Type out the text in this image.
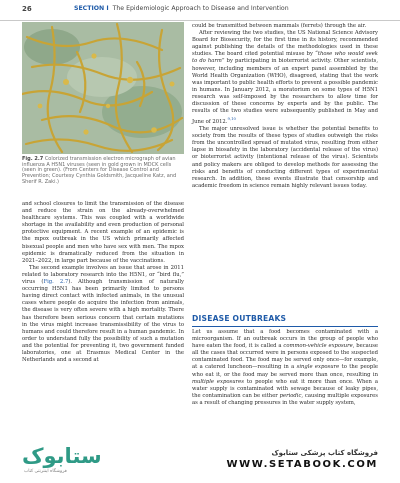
26	SECTION I The Epidemiologic Approach to Disease and Intervention
Fig. 2.7 Colorized transmission electron micrograph of avian influenza A H5N1 viruses (seen in gold grown in MDCK cells (seen in green). (From Centers for Disease Control and Prevention; Courtesy Cynthia Goldsmith, Jacqueline Katz, and Sherif R. Zaki.)

and school closures to limit the transmission of the disease and reduce the strain on the already-overwhelmed healthcare systems. This was coupled with a worldwide shortage in the availability and even production of personal protective equipment. A recent example of an epidemic is the mpox outbreak in the US which primarily affected bisexual people and men who have sex with men. The mpox epidemic is dramatically reduced from the situation in 2021–2022, in large part because of the vaccinations.

The second example involves an issue that arose in 2011 related to laboratory research into the H5N1, or “bird flu,” virus (Fig. 2.7). Although transmission of naturally occurring H5N1 has been primarily limited to persons having direct contact with infected animals, in the unusual cases where people do acquire the infection from animals, the disease is very often severe with a high mortality. There has therefore been serious concern that certain mutations in the virus might increase transmissibility of the virus to humans and could therefore result in a human pandemic. In order to understand fully the possibility of such a mutation and the potential for preventing it, two government funded laboratories, one at Erasmus Medical Center in the Netherlands and a second at

could be transmitted between mammals (ferrets) through the air.

After reviewing the two studies, the US National Science Advisory Board for Biosecurity, for the first time in its history, recommended against publishing the details of the methodologies used in these studies. The board cited potential misuse by “those who would seek to do harm” by participating in bioterrorist activity. Other scientists, however, including members of an expert panel assembled by the World Health Organization (WHO), disagreed, stating that the work was important to public health efforts to prevent a possible pandemic in humans. In January 2012, a moratorium on some types of H5N1 research was self-imposed by the researchers to allow time for discussion of these concerns by experts and by the public. The results of the two studies were subsequently published in May and June of 2012.$^{9,10}$

The major unresolved issue is whether the potential benefits to society from the results of these types of studies outweigh the risks from the uncontrolled spread of mutated virus, resulting from either lapse in biosafety in the laboratory (accidental release of the virus) or bioterrorist activity (intentional release of the virus). Scientists and policy makers are obliged to develop methods for assessing the risks and benefits of conducting different types of experimental research. In addition, these events illustrate that censorship and academic freedom in science remain highly relevant issues today.

DISEASE OUTBREAKS

Let us assume that a food becomes contaminated with a microorganism. If an outbreak occurs in the group of people who have eaten the food, it is called a common-vehicle exposure, because all the cases that occurred were in persons exposed to the suspected contaminated food. The food may be served only once—for example, at a catered luncheon—resulting in a single exposure to the people who eat it, or the food may be served more than once, resulting in multiple exposures to people who eat it more than once. When a water supply is contaminated with sewage because of leaky pipes, the contamination can be either periodic, causing multiple exposures as a result of changing pressures in the water supply system,

ستابوک
فروشگاه اینترنتی کتاب
فروشگاه کتاب پزشکی ستابوک
WWW.SETABOOK.COM
